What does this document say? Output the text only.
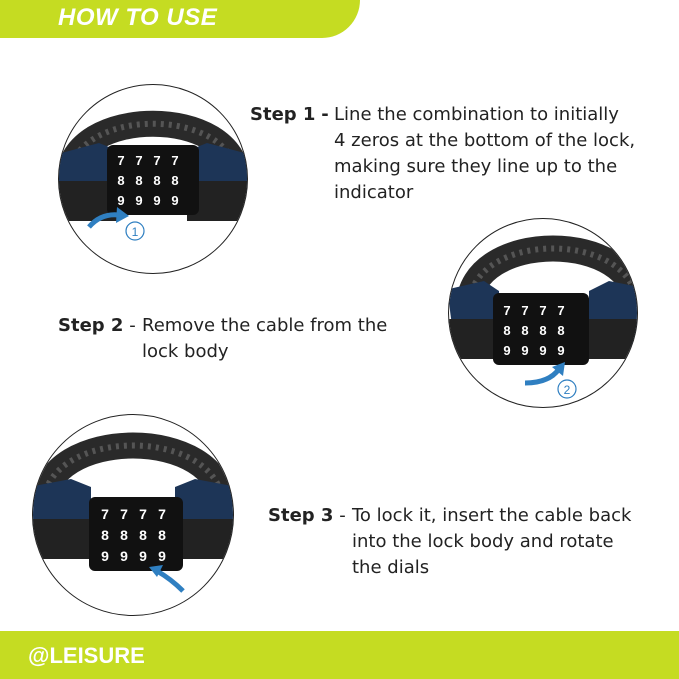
HOW TO USE
7 7 7 7
8 8 8 8
9 9 9 9
1
Step 1 - Line the combination to initially
4 zeros at the bottom of the lock,
making sure they line up to the
indicator
Step 2 - Remove the cable from the
lock body
7 7 7 7
8 8 8 8
9 9 9 9
2
7 7 7 7
8 8 8 8
9 9 9 9
3
Step 3 - To lock it, insert the cable back
into the lock body and rotate
the dials
@LEISURE
